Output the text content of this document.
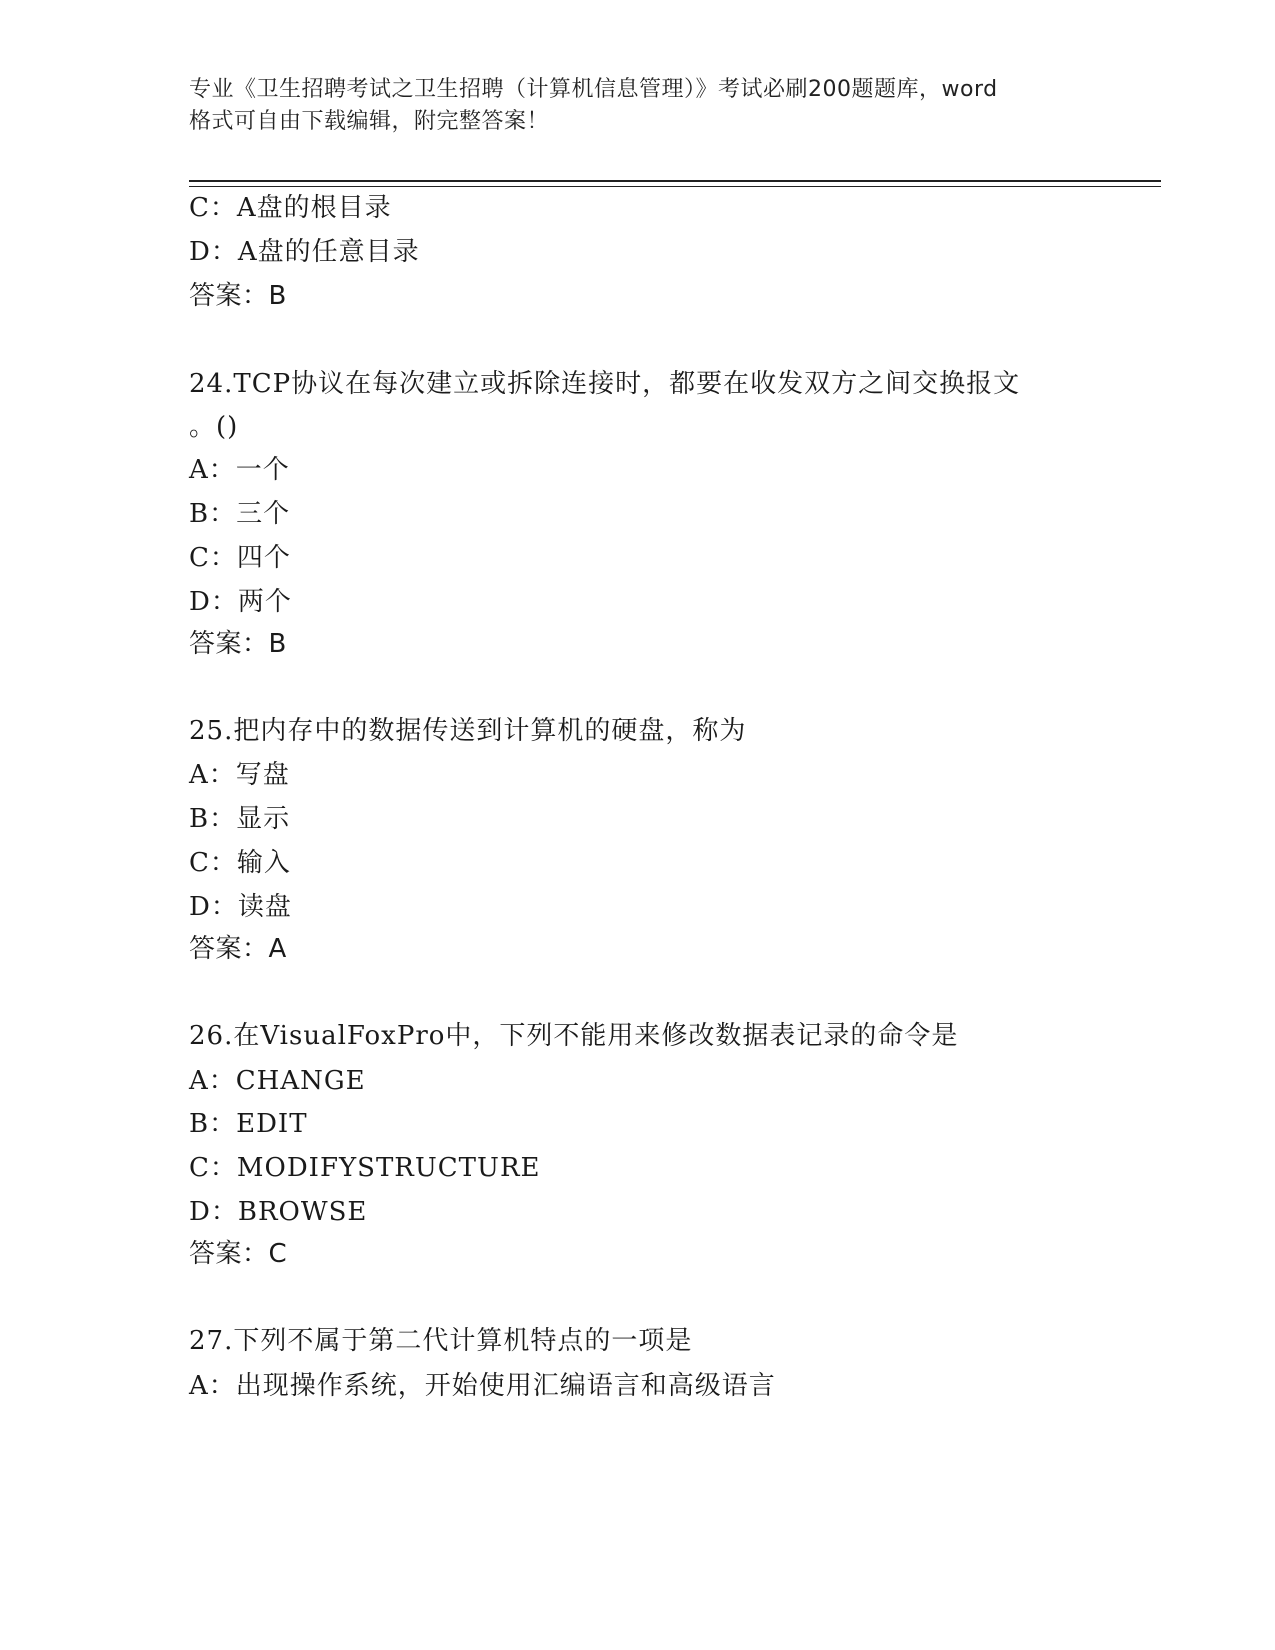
专业《卫生招聘考试之卫生招聘（计算机信息管理）》考试必刷200题题库，word
格式可自由下载编辑，附完整答案！
C：A盘的根目录
D：A盘的任意目录
答案：B
24.TCP协议在每次建立或拆除连接时，都要在收发双方之间交换报文
。()
A：一个
B：三个
C：四个
D：两个
答案：B
25.把内存中的数据传送到计算机的硬盘，称为
A：写盘
B：显示
C：输入
D：读盘
答案：A
26.在VisualFoxPro中，下列不能用来修改数据表记录的命令是
A：CHANGE
B：EDIT
C：MODIFYSTRUCTURE
D：BROWSE
答案：C
27.下列不属于第二代计算机特点的一项是
A：出现操作系统，开始使用汇编语言和高级语言
